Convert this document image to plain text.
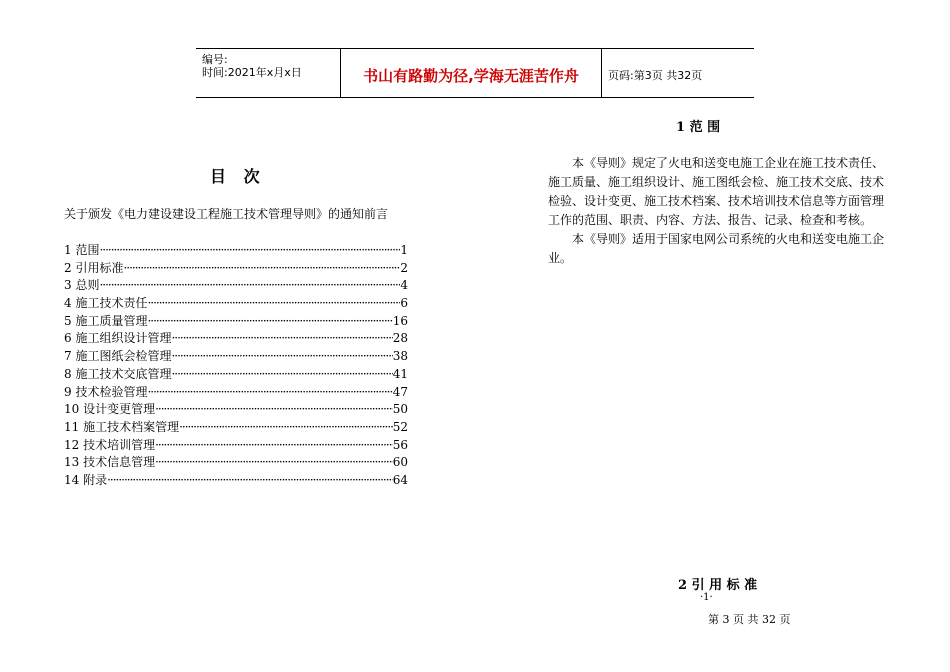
编号:
时间:2021年x月x日	书山有路勤为径,学海无涯苦作舟	页码:第3页 共32页
1 范 围
目 次
关于颁发《电力建设建设工程施工技术管理导则》的通知前言
1 范围 ·····	1
2 引用标准 ·····	2
3 总则 ·····	4
4 施工技术责任 ·····	6
5 施工质量管理 ·····	16
6 施工组织设计管理 ·····	28
7 施工图纸会检管理 ·····	38
8 施工技术交底管理 ·····	41
9 技术检验管理 ·····	47
10 设计变更管理 ·····	50
11 施工技术档案管理 ·····	52
12 技术培训管理 ·····	56
13 技术信息管理 ·····	60
14 附录 ·····	64

本《导则》规定了火电和送变电施工企业在施工技术责任、施工质量、施工组织设计、施工图纸会检、施工技术交底、技术检验、设计变更、施工技术档案、技术培训技术信息等方面管理工作的范围、职责、内容、方法、报告、记录、检查和考核。

本《导则》适用于国家电网公司系统的火电和送变电施工企业。

2 引 用 标 准
·1·
第 3 页 共 32 页
